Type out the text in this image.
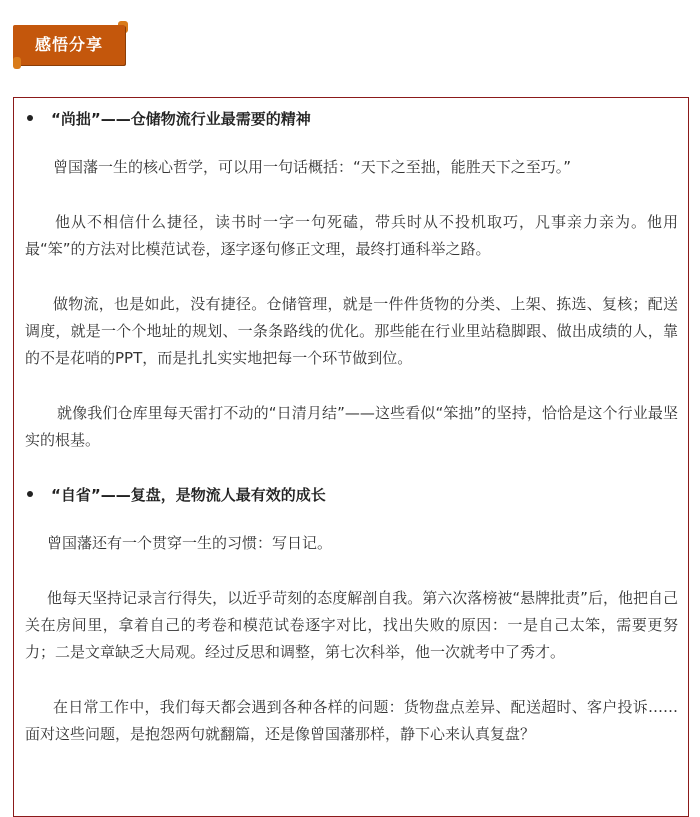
感悟分享
“尚拙”——仓储物流行业最需要的精神

曾国藩一生的核心哲学，可以用一句话概括：“天下之至拙，能胜天下之至巧。”

他从不相信什么捷径，读书时一字一句死磕，带兵时从不投机取巧，凡事亲力亲为。他用最“笨”的方法对比模范试卷，逐字逐句修正文理，最终打通科举之路。

做物流，也是如此，没有捷径。仓储管理，就是一件件货物的分类、上架、拣选、复核；配送调度，就是一个个地址的规划、一条条路线的优化。那些能在行业里站稳脚跟、做出成绩的人，靠的不是花哨的PPT，而是扎扎实实地把每一个环节做到位。

就像我们仓库里每天雷打不动的“日清月结”——这些看似“笨拙”的坚持，恰恰是这个行业最坚实的根基。

“自省”——复盘，是物流人最有效的成长

曾国藩还有一个贯穿一生的习惯：写日记。

他每天坚持记录言行得失，以近乎苛刻的态度解剖自我。第六次落榜被“悬牌批责”后，他把自己关在房间里，拿着自己的考卷和模范试卷逐字对比，找出失败的原因：一是自己太笨，需要更努力；二是文章缺乏大局观。经过反思和调整，第七次科举，他一次就考中了秀才。

在日常工作中，我们每天都会遇到各种各样的问题：货物盘点差异、配送超时、客户投诉……面对这些问题，是抱怨两句就翻篇，还是像曾国藩那样，静下心来认真复盘？
